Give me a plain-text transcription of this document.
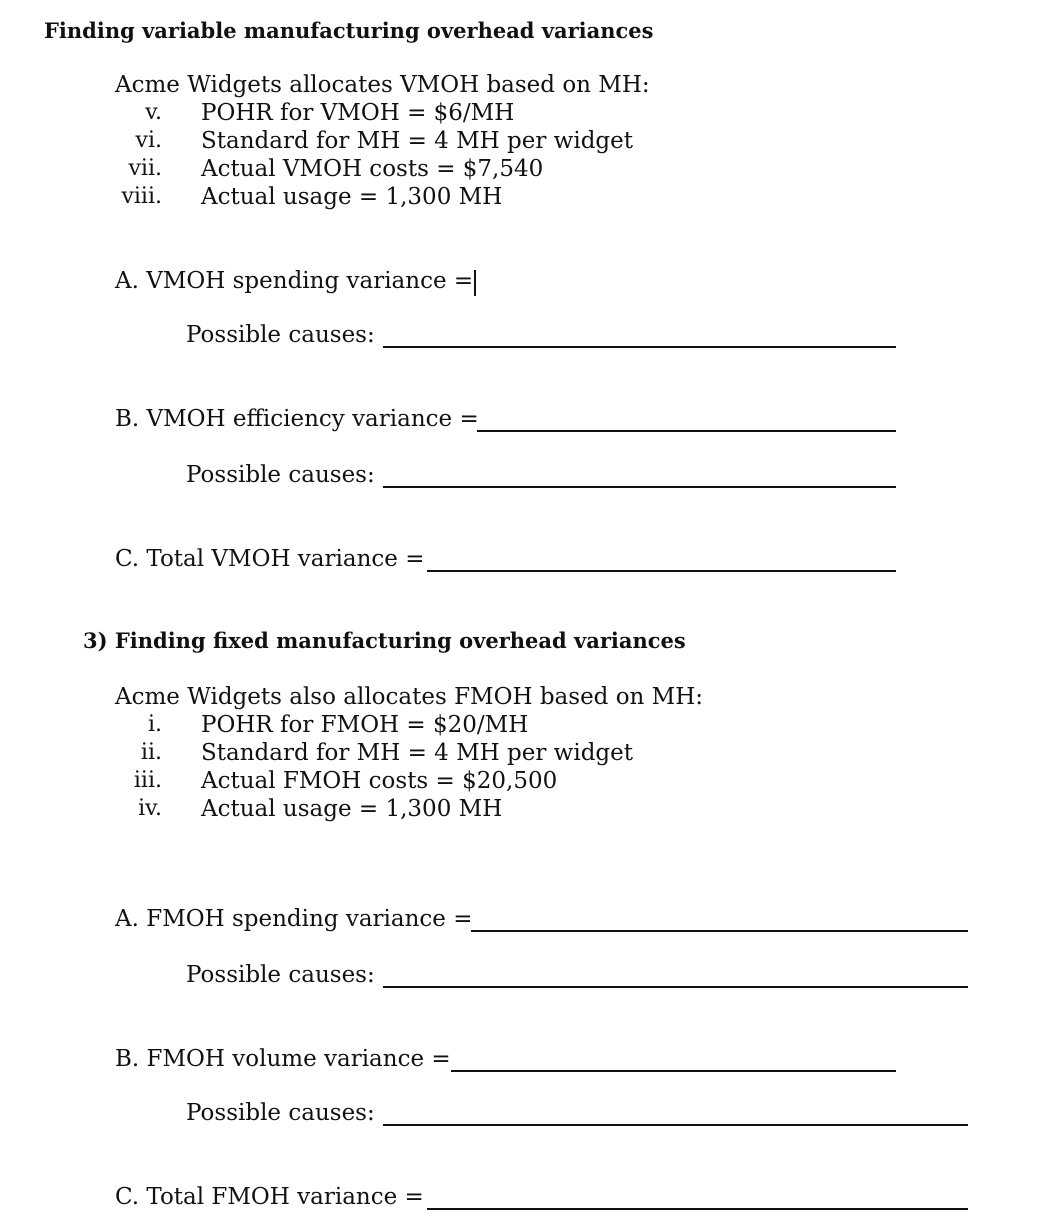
Finding variable manufacturing overhead variances
Acme Widgets allocates VMOH based on MH:
v. POHR for VMOH = $6/MH
vi. Standard for MH = 4 MH per widget
vii. Actual VMOH costs = $7,540
viii. Actual usage = 1,300 MH
A. VMOH spending variance =
Possible causes:
B. VMOH efficiency variance =
Possible causes:
C. Total VMOH variance =
3) Finding fixed manufacturing overhead variances
Acme Widgets also allocates FMOH based on MH:
i. POHR for FMOH = $20/MH
ii. Standard for MH = 4 MH per widget
iii. Actual FMOH costs = $20,500
iv. Actual usage = 1,300 MH
A. FMOH spending variance =
Possible causes:
B. FMOH volume variance =
Possible causes:
C. Total FMOH variance =
